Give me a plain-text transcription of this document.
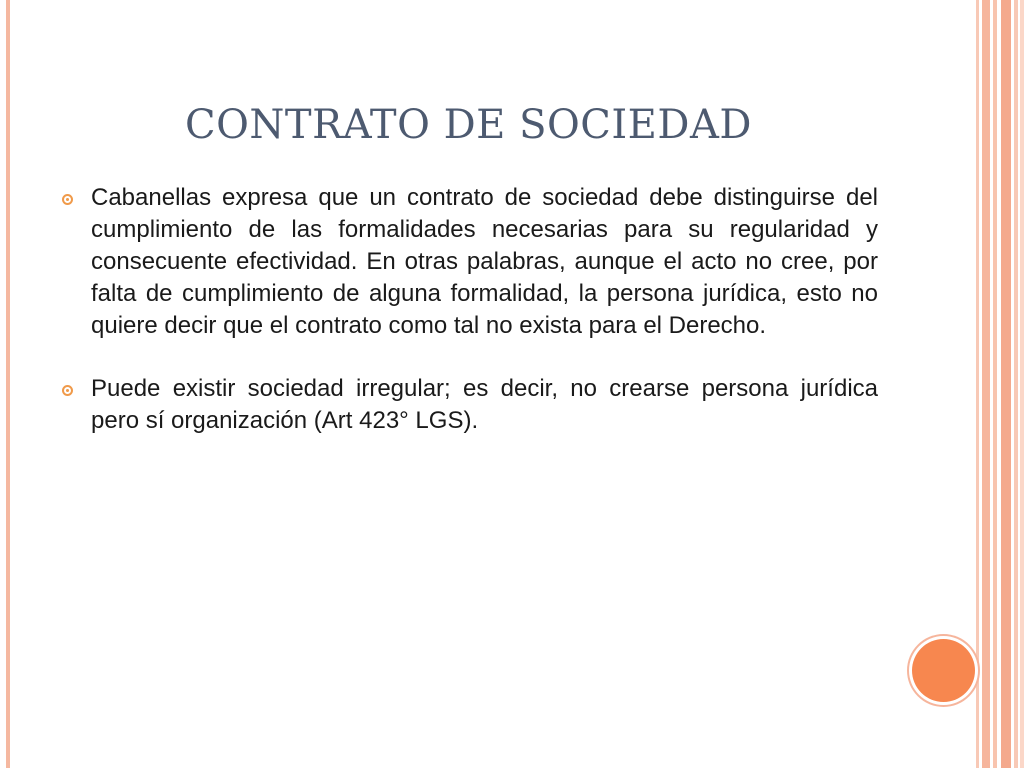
CONTRATO DE SOCIEDAD
Cabanellas expresa que un contrato de sociedad debe distinguirse del cumplimiento de las formalidades necesarias para su regularidad y consecuente efectividad. En otras palabras, aunque el acto no cree, por falta de cumplimiento de alguna formalidad, la persona jurídica, esto no quiere decir que el contrato como tal no exista para el Derecho.
Puede existir sociedad irregular; es decir, no crearse persona jurídica pero sí organización (Art 423° LGS).
